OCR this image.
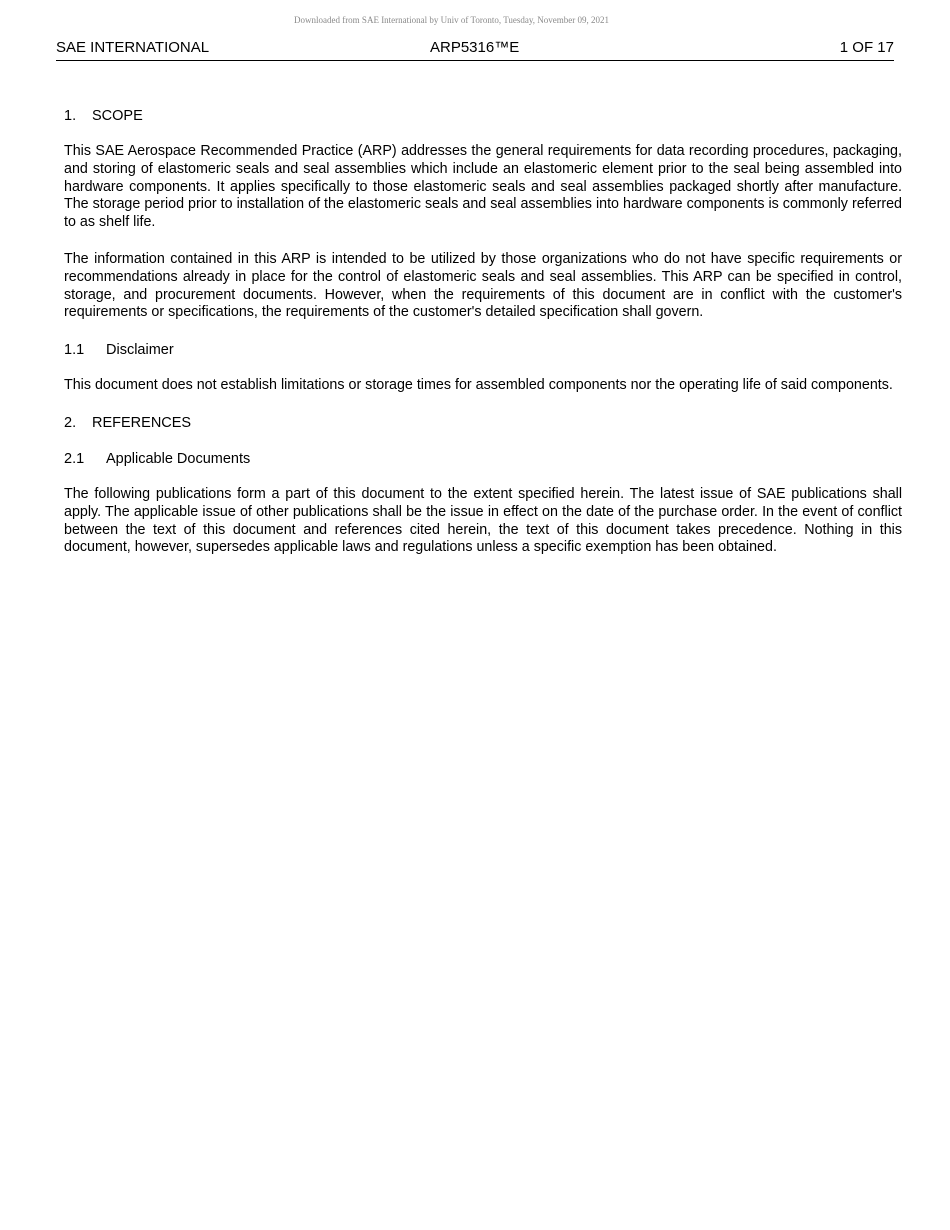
Downloaded from SAE International by Univ of Toronto, Tuesday, November 09, 2021
SAE INTERNATIONAL	ARP5316™E	1 OF 17
1. SCOPE

This SAE Aerospace Recommended Practice (ARP) addresses the general requirements for data recording procedures, packaging, and storing of elastomeric seals and seal assemblies which include an elastomeric element prior to the seal being assembled into hardware components. It applies specifically to those elastomeric seals and seal assemblies packaged shortly after manufacture. The storage period prior to installation of the elastomeric seals and seal assemblies into hardware components is commonly referred to as shelf life.

The information contained in this ARP is intended to be utilized by those organizations who do not have specific requirements or recommendations already in place for the control of elastomeric seals and seal assemblies. This ARP can be specified in control, storage, and procurement documents. However, when the requirements of this document are in conflict with the customer's requirements or specifications, the requirements of the customer's detailed specification shall govern.

1.1 Disclaimer

This document does not establish limitations or storage times for assembled components nor the operating life of said components.

2. REFERENCES
2.1 Applicable Documents

The following publications form a part of this document to the extent specified herein. The latest issue of SAE publications shall apply. The applicable issue of other publications shall be the issue in effect on the date of the purchase order. In the event of conflict between the text of this document and references cited herein, the text of this document takes precedence. Nothing in this document, however, supersedes applicable laws and regulations unless a specific exemption has been obtained.
